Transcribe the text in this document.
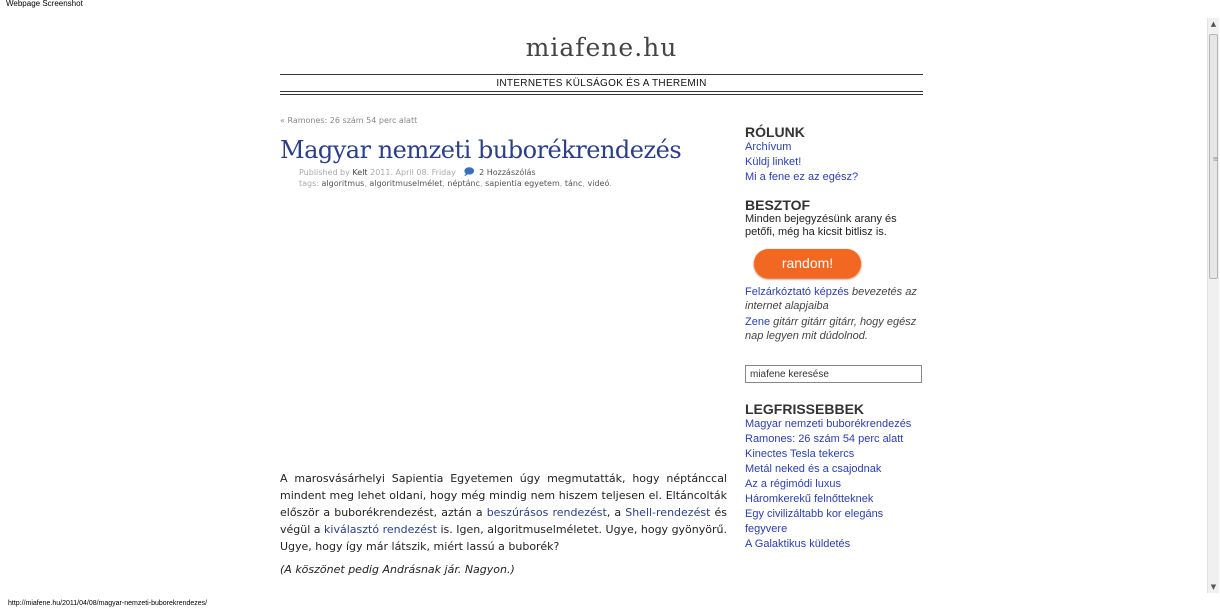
Webpage Screenshot
miafene.hu
INTERNETES KÜLSÁGOK ÉS A THEREMIN
« Ramones: 26 szám 54 perc alatt
Magyar nemzeti buborékrendezés
Published by Kelt 2011. April 08. Friday 🗩 2 Hozzászólás
tags: algoritmus, algoritmuselmélet, néptánc, sapientia egyetem, tánc, videó.

A marosvásárhelyi Sapientia Egyetemen úgy megmutatták, hogy néptánccal mindent meg lehet oldani, hogy még mindig nem hiszem teljesen el. Eltáncolták először a buborékrendezést, aztán a beszúrásos rendezést, a Shell-rendezést és végül a kiválasztó rendezést is. Igen, algoritmuselméletet. Ugye, hogy gyönyörű. Ugye, hogy így már látszik, miért lassú a buborék?

(A köszönet pedig Andrásnak jár. Nagyon.)

RÓLUNK
Archívum
Küldj linket!
Mi a fene ez az egész?
BESZTOF
Minden bejegyzésünk arany és petőfi, még ha kicsit bitlisz is.
random!
Felzárkóztató képzés bevezetés az internet alapjaiba
Zene gitárr gitárr gitárr, hogy egész nap legyen mit dúdolnod.
miafene keresése
LEGFRISSEBBEK
Magyar nemzeti buborékrendezés
Ramones: 26 szám 54 perc alatt
Kinectes Tesla tekercs
Metál neked és a csajodnak
Az a régimódi luxus
Háromkerekű felnőtteknek
Egy civilizáltabb kor elegáns fegyvere
A Galaktikus küldetés
▲
≡
▼
http://miafene.hu/2011/04/08/magyar-nemzeti-buborekrendezes/
